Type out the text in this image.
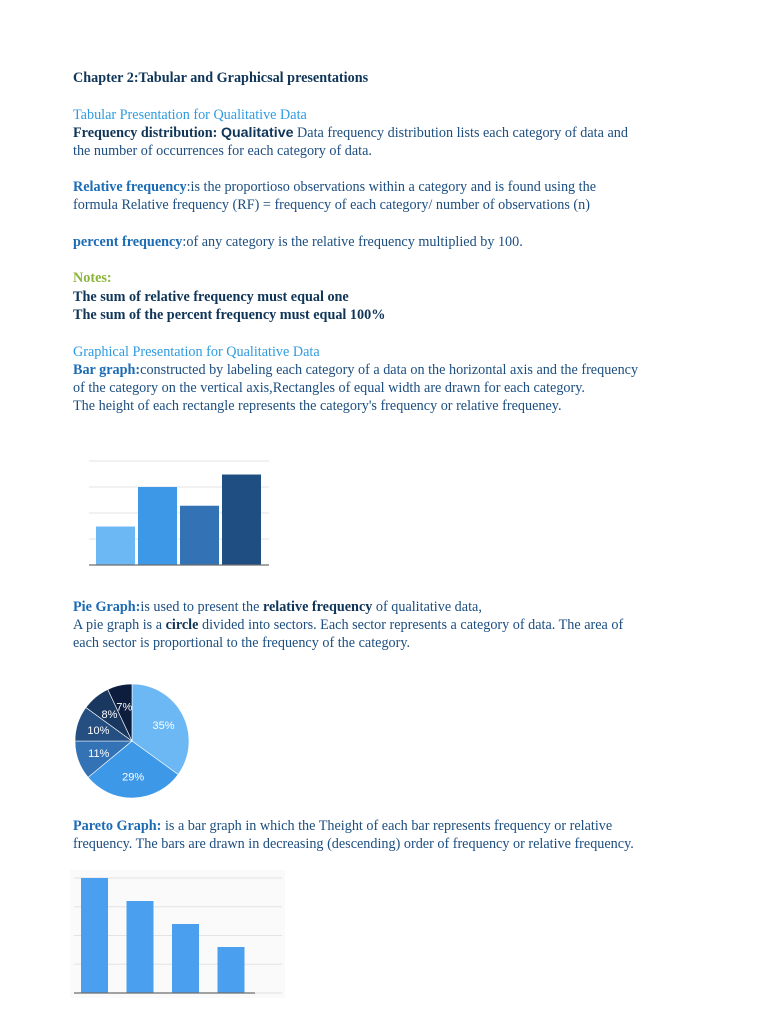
Chapter 2:Tabular and Graphicsal presentations
Tabular Presentation for Qualitative Data
Frequency distribution: Qualitative Data frequency distribution lists each category of data and
the number of occurrences for each category of data.
Relative frequency:is the proportioso observations within a category and is found using the
formula Relative frequency (RF) = frequency of each category/ number of observations (n)
percent frequency:of any category is the relative frequency multiplied by 100.
Notes:
The sum of relative frequency must equal one
The sum of the percent frequency must equal 100%
Graphical Presentation for Qualitative Data
Bar graph:constructed by labeling each category of a data on the horizontal axis and the frequency
of the category on the vertical axis,Rectangles of equal width are drawn for each category.
The height of each rectangle represents the category's frequency or relative frequeney.
Pie Graph:is used to present the relative frequency of qualitative data,
A pie graph is a circle divided into sectors. Each sector represents a category of data. The area of
each sector is proportional to the frequency of the category.
35%
29%
11%
10%
8%
7%
Pareto Graph: is a bar graph in which the Theight of each bar represents frequency or relative
frequency. The bars are drawn in decreasing (descending) order of frequency or relative frequency.
